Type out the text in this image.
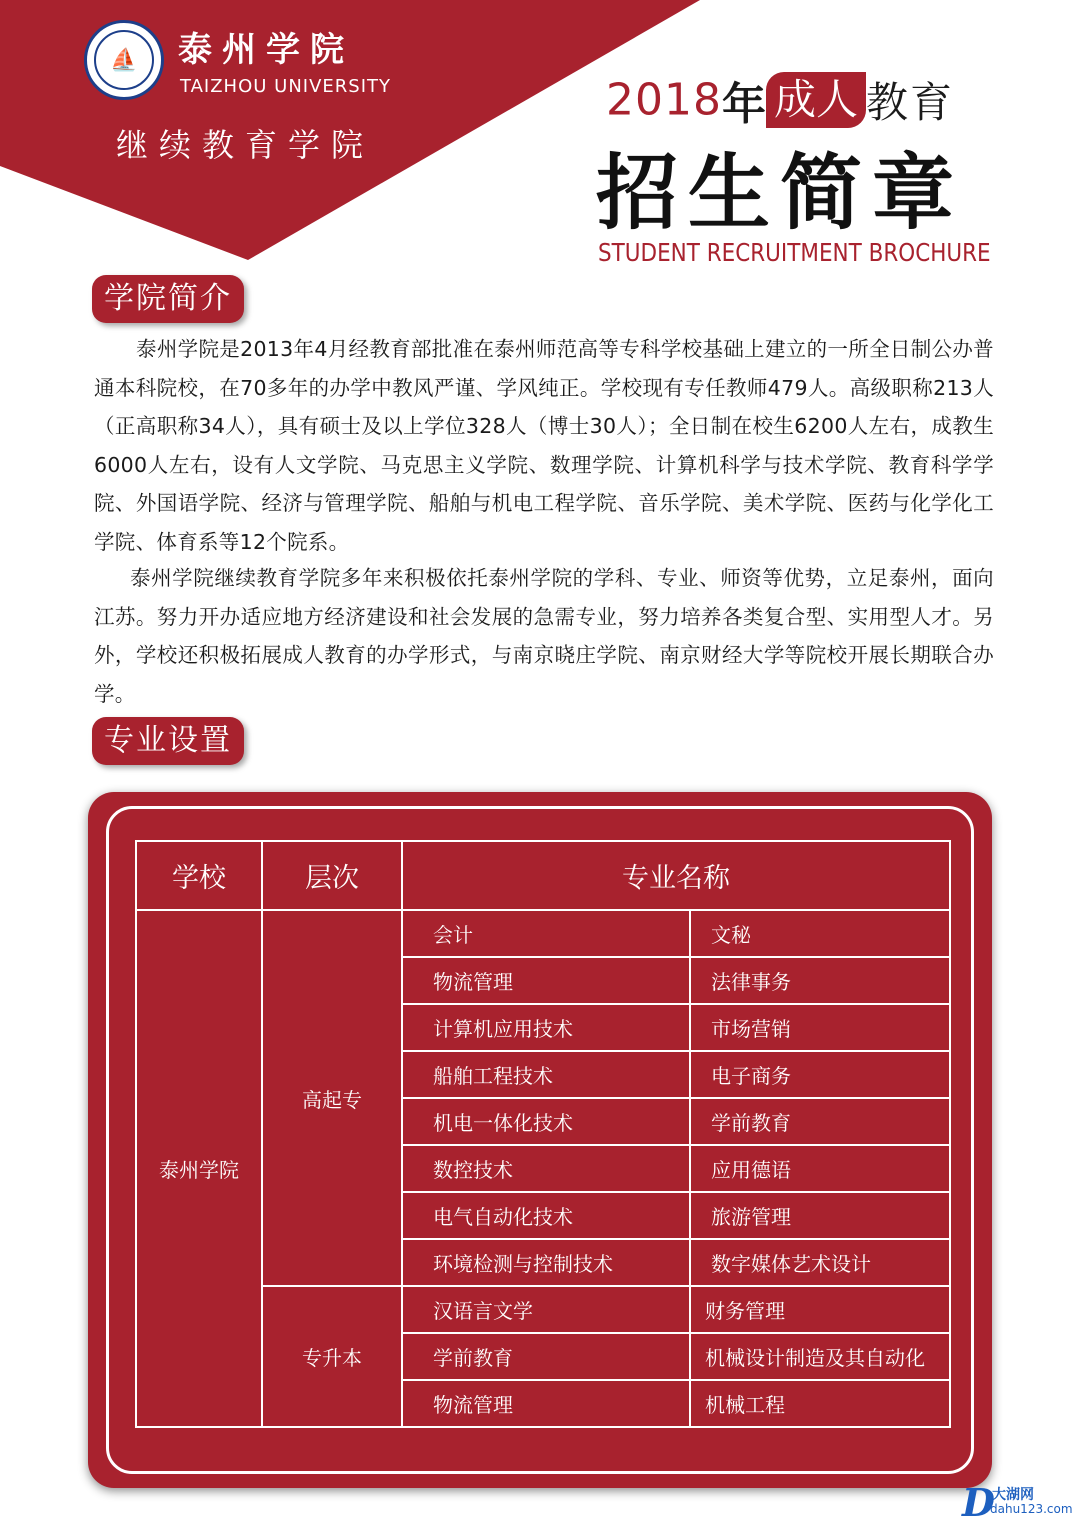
⛵	泰州学院
TAIZHOU UNIVERSITY
继续教育学院
2018年 成人 教育
招生简章
STUDENT RECRUITMENT BROCHURE
学院简介
泰州学院是2013年4月经教育部批准在泰州师范高等专科学校基础上建立的一所全日制公办普通本科院校，在70多年的办学中教风严谨、学风纯正。学校现有专任教师479人。高级职称213人（正高职称34人），具有硕士及以上学位328人（博士30人）；全日制在校生6200人左右，成教生6000人左右，设有人文学院、马克思主义学院、数理学院、计算机科学与技术学院、教育科学学院、外国语学院、经济与管理学院、船舶与机电工程学院、音乐学院、美术学院、医药与化学化工学院、体育系等12个院系。
泰州学院继续教育学院多年来积极依托泰州学院的学科、专业、师资等优势，立足泰州，面向江苏。努力开办适应地方经济建设和社会发展的急需专业，努力培养各类复合型、实用型人才。另外，学校还积极拓展成人教育的办学形式，与南京晓庄学院、南京财经大学等院校开展长期联合办学。
专业设置
学校	层次	专业名称	
泰州学院	高起专	会计	文秘
		物流管理	法律事务
		计算机应用技术	市场营销
		船舶工程技术	电子商务
		机电一体化技术	学前教育
		数控技术	应用德语
		电气自动化技术	旅游管理
		环境检测与控制技术	数字媒体艺术设计
	专升本	汉语言文学	财务管理
		学前教育	机械设计制造及其自动化
		物流管理	机械工程
D
大湖网
dahu123.com
